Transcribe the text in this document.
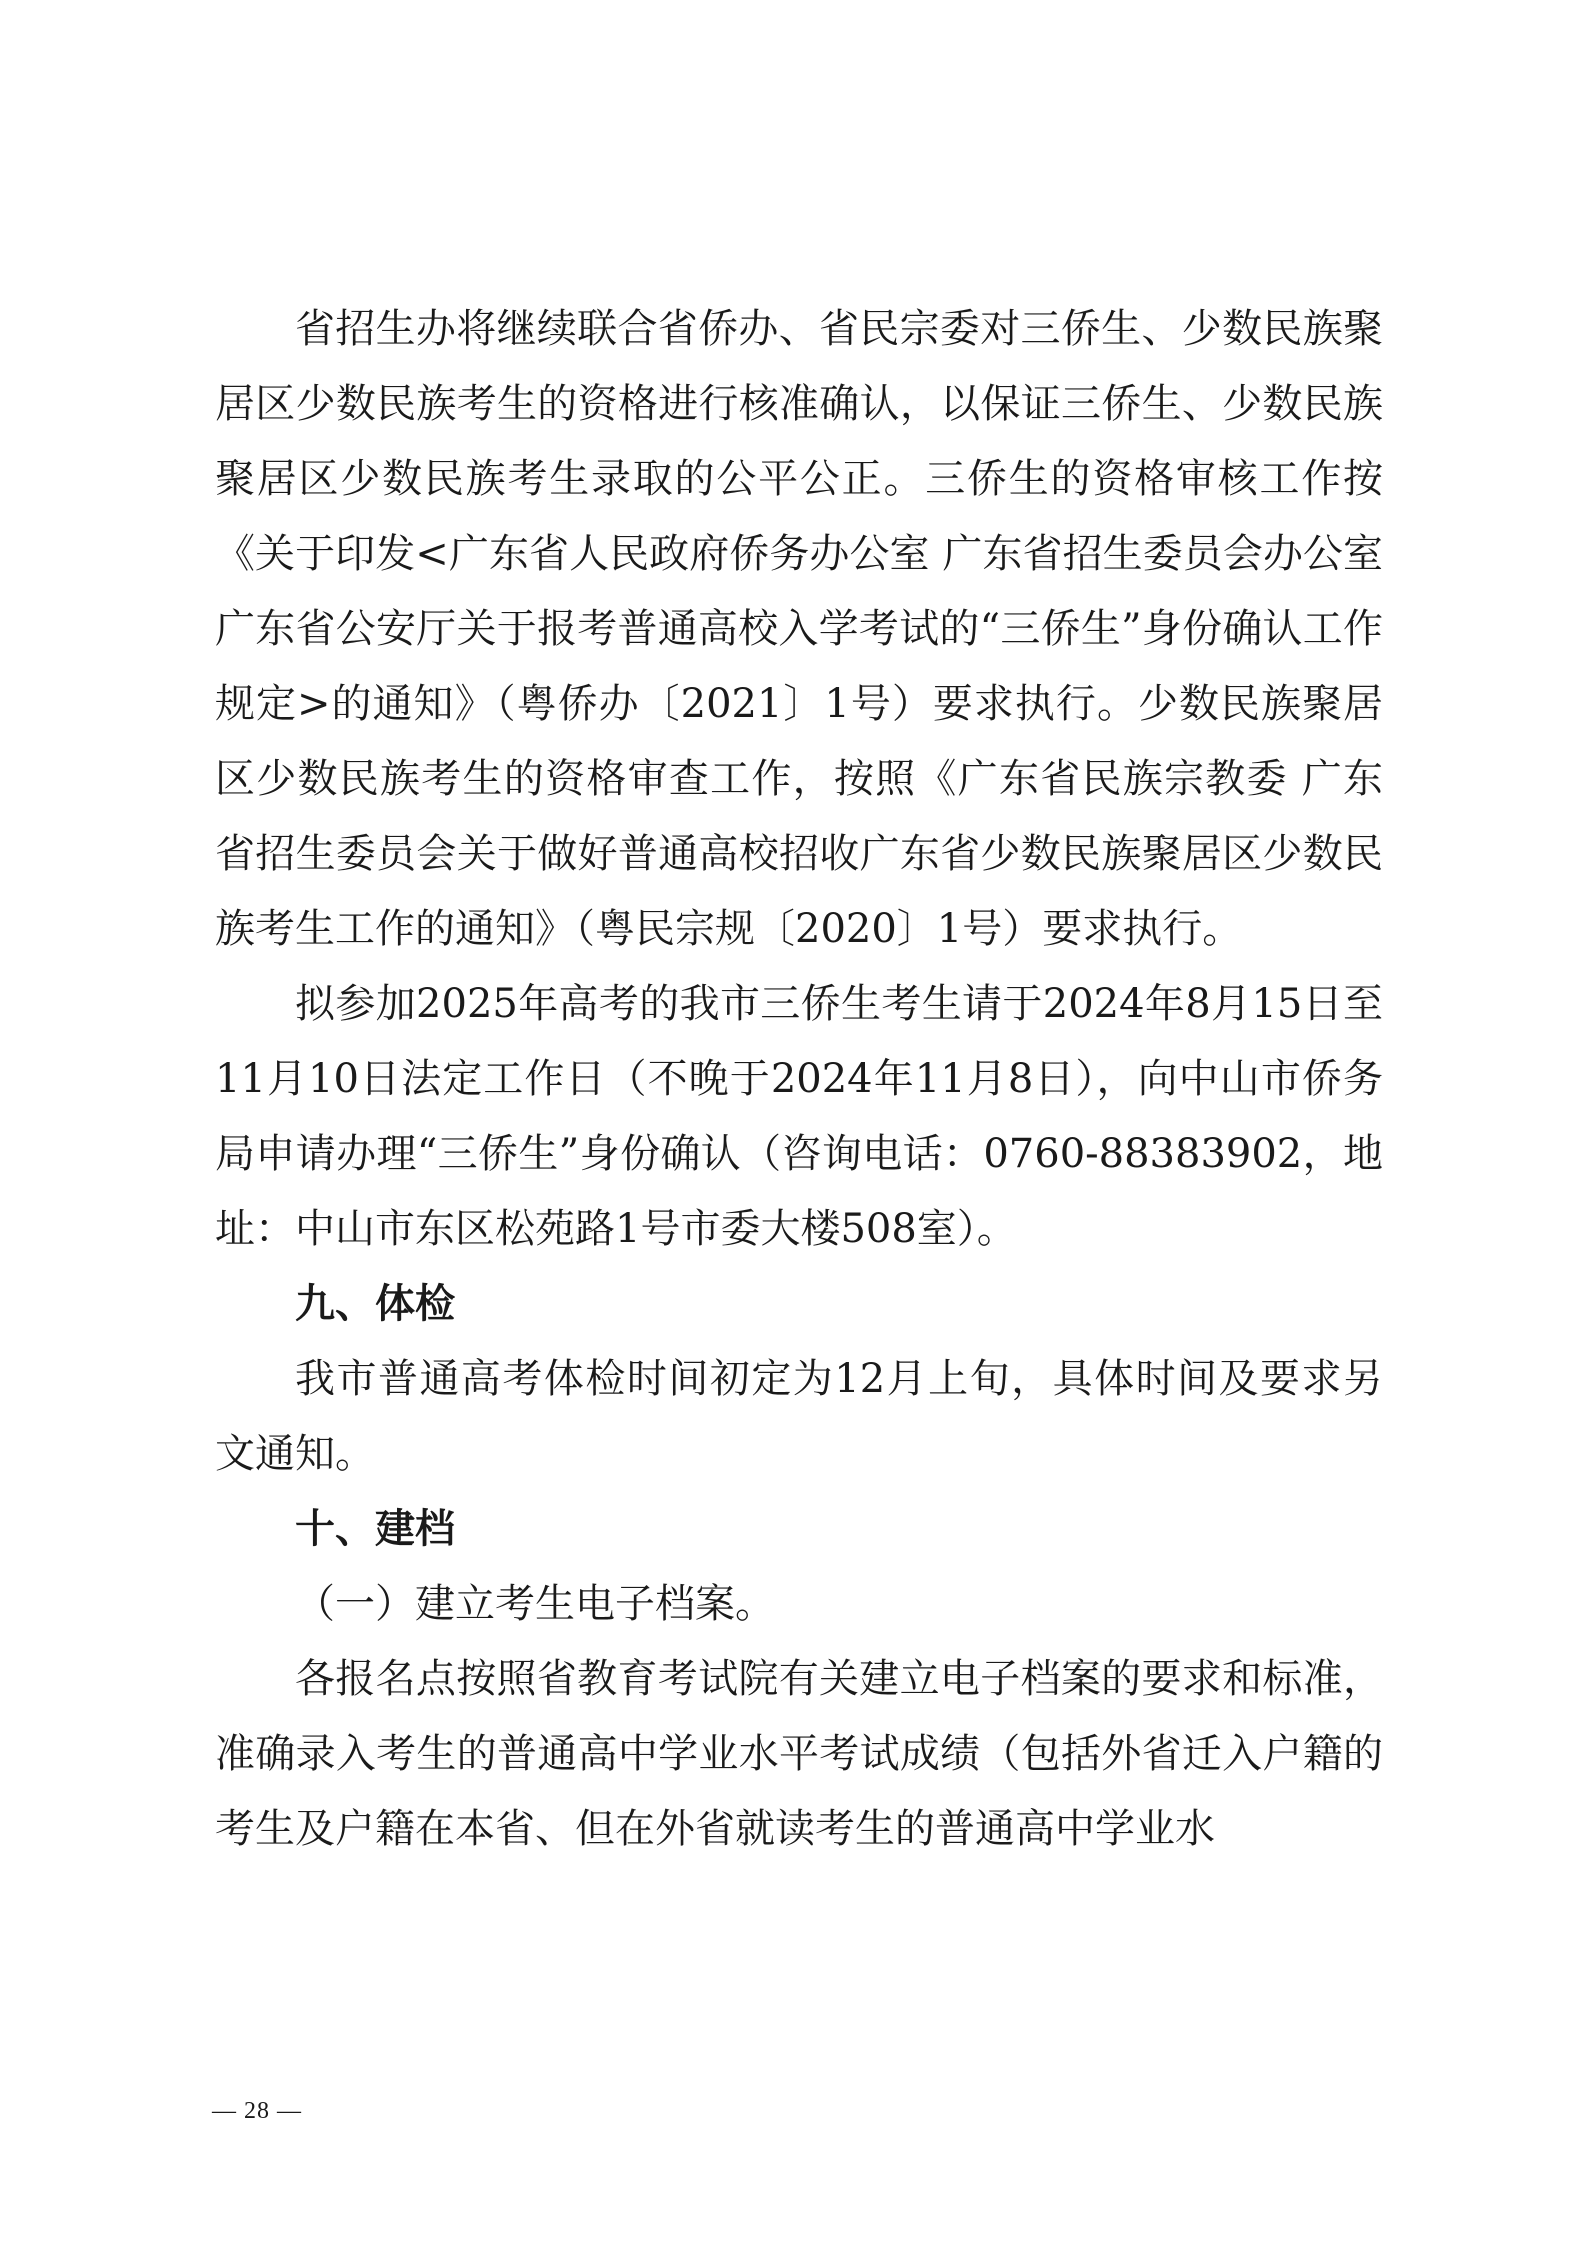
省招生办将继续联合省侨办、省民宗委对三侨生、少数民族聚居区少数民族考生的资格进行核准确认，以保证三侨生、少数民族聚居区少数民族考生录取的公平公正。三侨生的资格审核工作按《关于印发<广东省人民政府侨务办公室 广东省招生委员会办公室 广东省公安厅关于报考普通高校入学考试的“三侨生”身份确认工作规定>的通知》（粤侨办〔2021〕1号）要求执行。少数民族聚居区少数民族考生的资格审查工作，按照《广东省民族宗教委 广东省招生委员会关于做好普通高校招收广东省少数民族聚居区少数民族考生工作的通知》（粤民宗规〔2020〕1号）要求执行。

拟参加2025年高考的我市三侨生考生请于2024年8月15日至11月10日法定工作日（不晚于2024年11月8日），向中山市侨务局申请办理“三侨生”身份确认（咨询电话：0760-88383902，地址：中山市东区松苑路1号市委大楼508室）。

九、体检

我市普通高考体检时间初定为12月上旬，具体时间及要求另文通知。

十、建档

（一）建立考生电子档案。

各报名点按照省教育考试院有关建立电子档案的要求和标准，准确录入考生的普通高中学业水平考试成绩（包括外省迁入户籍的考生及户籍在本省、但在外省就读考生的普通高中学业水

— 28 —
